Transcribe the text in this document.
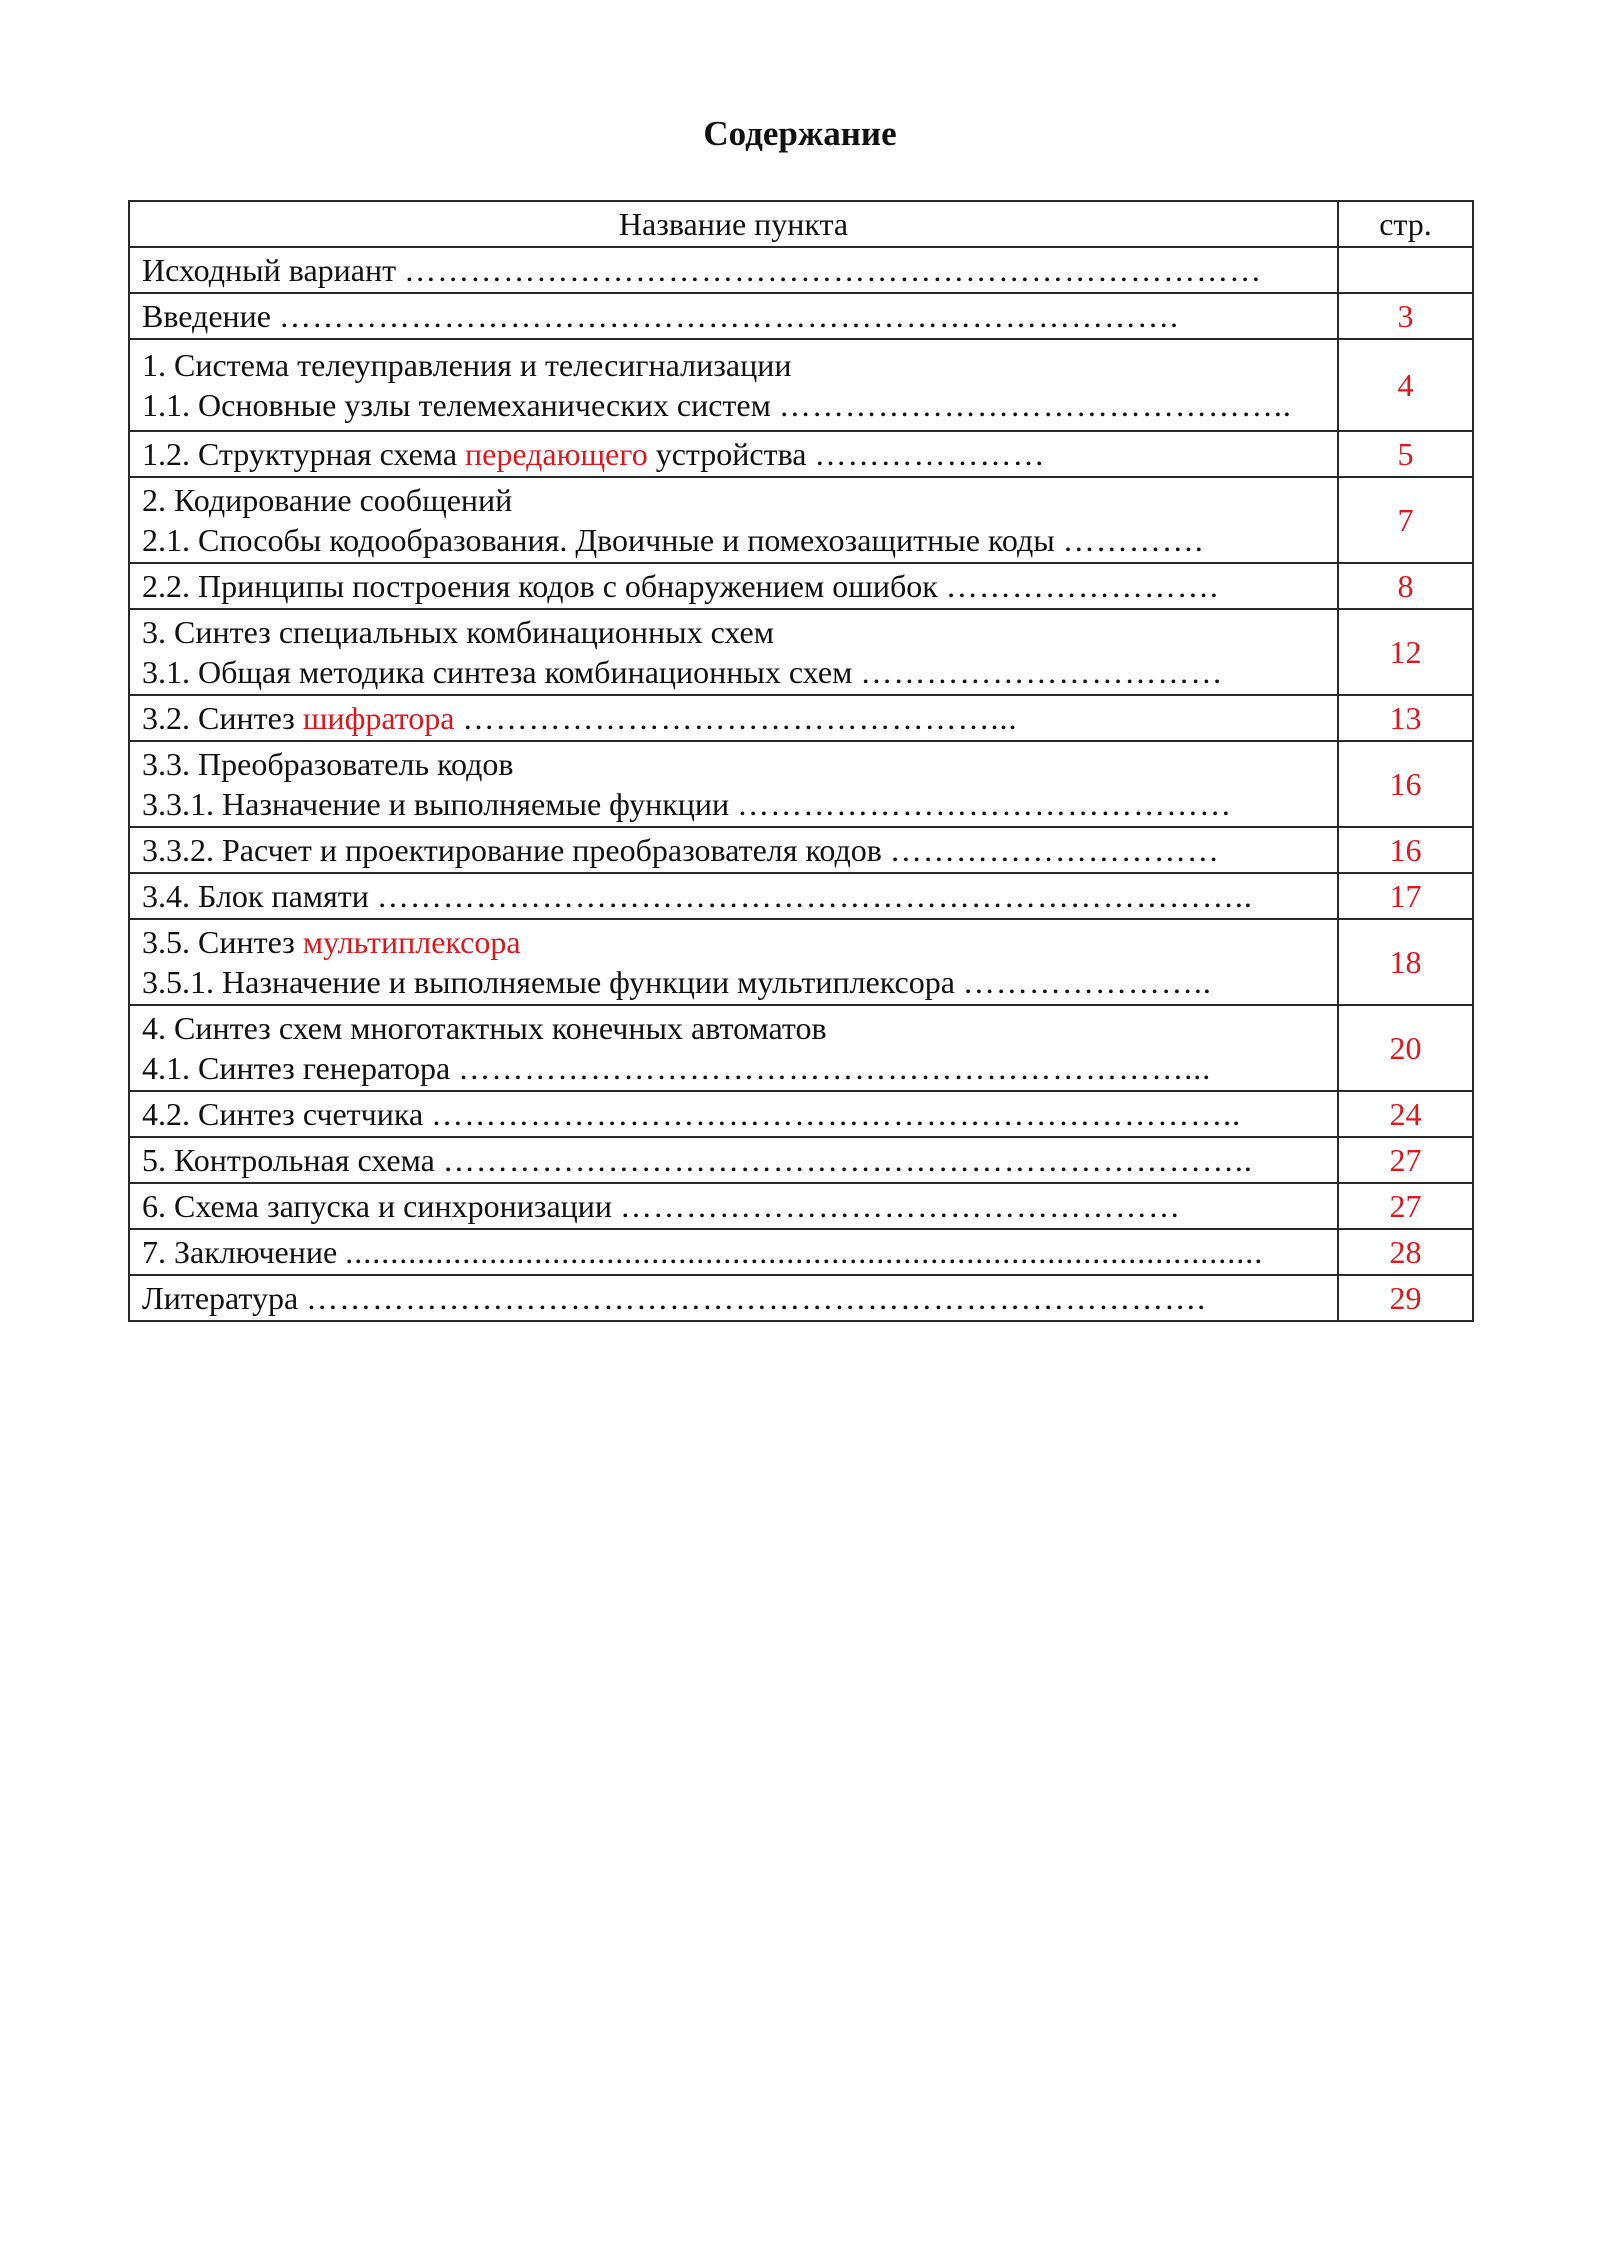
Содержание
Название пункта	стр.

Исходный вариант ……………………………………………………………………	

Введение ……………………………………………………………………….	3

1. Система телеуправления и телесигнализации
1.1. Основные узлы телемеханических систем ………………………………………..	4

1.2. Структурная схема передающего устройства …………………	5

2. Кодирование сообщений
2.1. Способы кодообразования. Двоичные и помехозащитные коды ………….	7

2.2. Принципы построения кодов с обнаружением ошибок …………………….	8

3. Синтез специальных комбинационных схем
3.1. Общая методика синтеза комбинационных схем ……………………………	12

3.2. Синтез шифратора …………………………………………...	13

3.3. Преобразователь кодов
3.3.1. Назначение и выполняемые функции ………………………………………	16

3.3.2. Расчет и проектирование преобразователя кодов …………………………	16

3.4. Блок памяти ……………………………………………………………………..	17

3.5. Синтез мультиплексора
3.5.1. Назначение и выполняемые функции мультиплексора …………………..	18

4. Синтез схем многотактных конечных автоматов
4.1. Синтез генератора …………………………………………………………...	20

4.2. Синтез счетчика ………………………………………………………………..	24

5. Контрольная схема ………………………………………………………………..	27

6. Схема запуска и синхронизации ……………………………………………	27

7. Заключение ......................................................................................................	28

Литература ……………………………………………………………………….	29
